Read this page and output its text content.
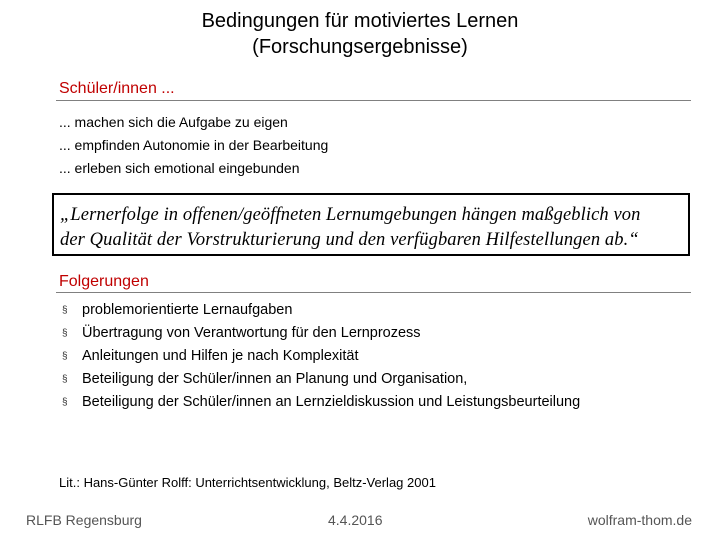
Bedingungen für motiviertes Lernen
(Forschungsergebnisse)
Schüler/innen ...
... machen sich die Aufgabe zu eigen
... empfinden Autonomie in der Bearbeitung
... erleben sich emotional eingebunden
„Lernerfolge in offenen/geöffneten Lernumgebungen hängen maßgeblich von
der Qualität der Vorstrukturierung und den verfügbaren Hilfestellungen ab.“
Folgerungen
§ problemorientierte Lernaufgaben
§ Übertragung von Verantwortung für den Lernprozess
§ Anleitungen und Hilfen je nach Komplexität
§ Beteiligung der Schüler/innen an Planung und Organisation,
§ Beteiligung der Schüler/innen an Lernzieldiskussion und Leistungsbeurteilung
Lit.: Hans-Günter Rolff: Unterrichtsentwicklung, Beltz-Verlag 2001
RLFB Regensburg	4.4.2016	wolfram-thom.de
